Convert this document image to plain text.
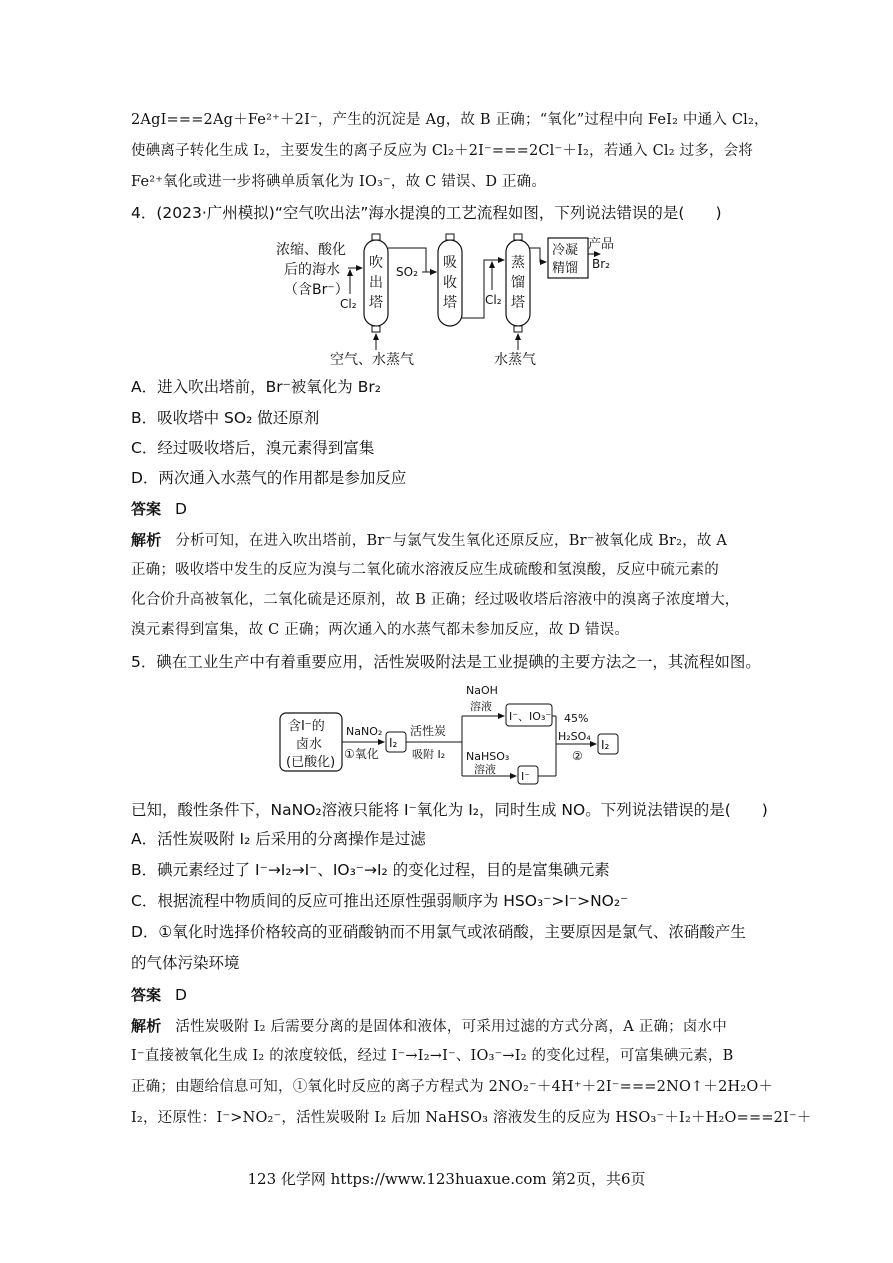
2AgI===2Ag＋Fe²⁺＋2I⁻，产生的沉淀是 Ag，故 B 正确；“氧化”过程中向 FeI₂ 中通入 Cl₂，
使碘离子转化生成 I₂，主要发生的离子反应为 Cl₂＋2I⁻===2Cl⁻＋I₂，若通入 Cl₂ 过多，会将
Fe²⁺氧化或进一步将碘单质氧化为 IO₃⁻，故 C 错误、D 正确。
4．(2023·广州模拟)“空气吹出法”海水提溴的工艺流程如图，下列说法错误的是(　　)
浓缩、酸化
后的海水
（含Br⁻）
Cl₂
吹
出
塔
空气、水蒸气
SO₂
吸
收
塔 Cl₂
蒸
馏
塔
水蒸气
冷凝
精馏
产品
Br₂
A．进入吹出塔前，Br⁻被氧化为 Br₂
B．吸收塔中 SO₂ 做还原剂
C．经过吸收塔后，溴元素得到富集
D．两次通入水蒸气的作用都是参加反应
答案 D
解析 分析可知，在进入吹出塔前，Br⁻与氯气发生氧化还原反应，Br⁻被氧化成 Br₂，故 A
正确；吸收塔中发生的反应为溴与二氧化硫水溶液反应生成硫酸和氢溴酸，反应中硫元素的
化合价升高被氧化，二氧化硫是还原剂，故 B 正确；经过吸收塔后溶液中的溴离子浓度增大，
溴元素得到富集，故 C 正确；两次通入的水蒸气都未参加反应，故 D 错误。
5．碘在工业生产中有着重要应用，活性炭吸附法是工业提碘的主要方法之一，其流程如图。
含I⁻的
卤水
(已酸化)
NaNO₂
①氧化
I₂
活性炭
吸附 I₂
NaOH
溶液
I⁻、IO₃⁻
NaHSO₃
溶液
I⁻
45%
H₂SO₄
②
I₂
已知，酸性条件下，NaNO₂溶液只能将 I⁻氧化为 I₂，同时生成 NO。下列说法错误的是(　　)
A．活性炭吸附 I₂ 后采用的分离操作是过滤
B．碘元素经过了 I⁻→I₂→I⁻、IO₃⁻→I₂ 的变化过程，目的是富集碘元素
C．根据流程中物质间的反应可推出还原性强弱顺序为 HSO₃⁻>I⁻>NO₂⁻
D．①氧化时选择价格较高的亚硝酸钠而不用氯气或浓硝酸，主要原因是氯气、浓硝酸产生
的气体污染环境
答案 D
解析 活性炭吸附 I₂ 后需要分离的是固体和液体，可采用过滤的方式分离，A 正确；卤水中
I⁻直接被氧化生成 I₂ 的浓度较低，经过 I⁻→I₂→I⁻、IO₃⁻→I₂ 的变化过程，可富集碘元素，B
正确；由题给信息可知，①氧化时反应的离子方程式为 2NO₂⁻＋4H⁺＋2I⁻===2NO↑＋2H₂O＋
I₂，还原性：I⁻>NO₂⁻，活性炭吸附 I₂ 后加 NaHSO₃ 溶液发生的反应为 HSO₃⁻＋I₂＋H₂O===2I⁻＋
123 化学网 https://www.123huaxue.com 第2页，共6页
